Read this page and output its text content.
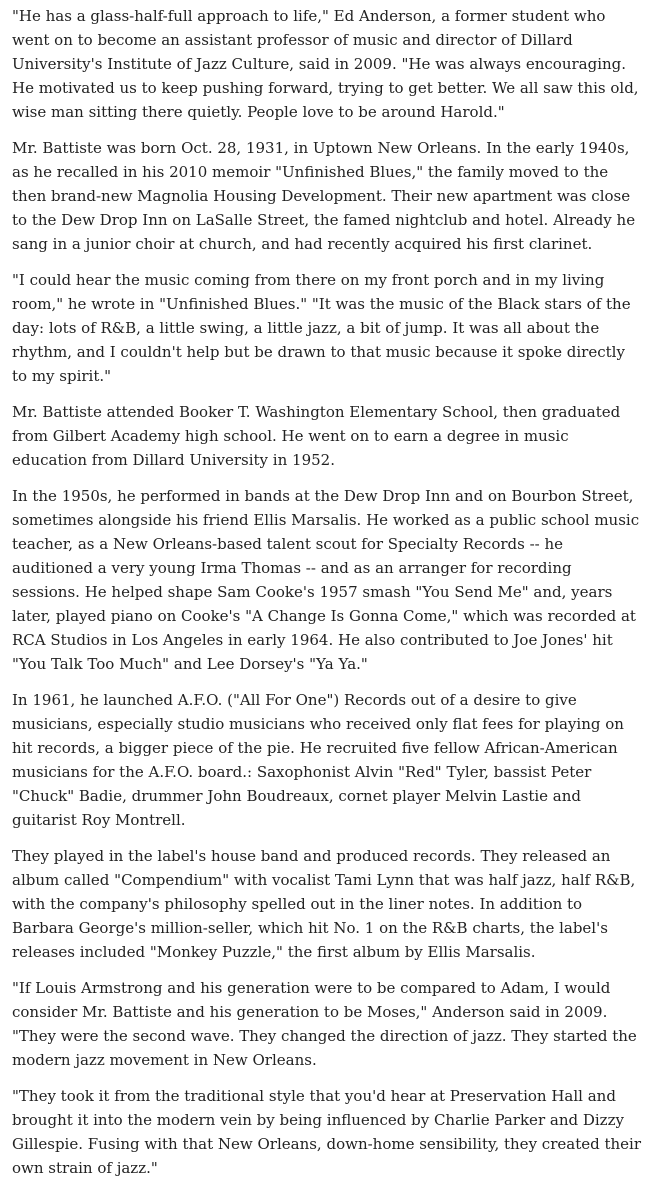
"He has a glass-half-full approach to life," Ed Anderson, a former student who went on to become an assistant professor of music and director of Dillard University's Institute of Jazz Culture, said in 2009. "He was always encouraging. He motivated us to keep pushing forward, trying to get better. We all saw this old, wise man sitting there quietly. People love to be around Harold."

Mr. Battiste was born Oct. 28, 1931, in Uptown New Orleans. In the early 1940s, as he recalled in his 2010 memoir "Unfinished Blues," the family moved to the then brand-new Magnolia Housing Development. Their new apartment was close to the Dew Drop Inn on LaSalle Street, the famed nightclub and hotel. Already he sang in a junior choir at church, and had recently acquired his first clarinet.

"I could hear the music coming from there on my front porch and in my living room," he wrote in "Unfinished Blues." "It was the music of the Black stars of the day: lots of R&B, a little swing, a little jazz, a bit of jump. It was all about the rhythm, and I couldn't help but be drawn to that music because it spoke directly to my spirit."

Mr. Battiste attended Booker T. Washington Elementary School, then graduated from Gilbert Academy high school. He went on to earn a degree in music education from Dillard University in 1952.

In the 1950s, he performed in bands at the Dew Drop Inn and on Bourbon Street, sometimes alongside his friend Ellis Marsalis. He worked as a public school music teacher, as a New Orleans-based talent scout for Specialty Records -- he auditioned a very young Irma Thomas -- and as an arranger for recording sessions. He helped shape Sam Cooke's 1957 smash "You Send Me" and, years later, played piano on Cooke's "A Change Is Gonna Come," which was recorded at RCA Studios in Los Angeles in early 1964. He also contributed to Joe Jones' hit "You Talk Too Much" and Lee Dorsey's "Ya Ya."

In 1961, he launched A.F.O. ("All For One") Records out of a desire to give musicians, especially studio musicians who received only flat fees for playing on hit records, a bigger piece of the pie. He recruited five fellow African-American musicians for the A.F.O. board.: Saxophonist Alvin "Red" Tyler, bassist Peter "Chuck" Badie, drummer John Boudreaux, cornet player Melvin Lastie and guitarist Roy Montrell.

They played in the label's house band and produced records. They released an album called "Compendium" with vocalist Tami Lynn that was half jazz, half R&B, with the company's philosophy spelled out in the liner notes. In addition to Barbara George's million-seller, which hit No. 1 on the R&B charts, the label's releases included "Monkey Puzzle," the first album by Ellis Marsalis.

"If Louis Armstrong and his generation were to be compared to Adam, I would consider Mr. Battiste and his generation to be Moses," Anderson said in 2009. "They were the second wave. They changed the direction of jazz. They started the modern jazz movement in New Orleans.

"They took it from the traditional style that you'd hear at Preservation Hall and brought it into the modern vein by being influenced by Charlie Parker and Dizzy Gillespie. Fusing with that New Orleans, down-home sensibility, they created their own strain of jazz."
